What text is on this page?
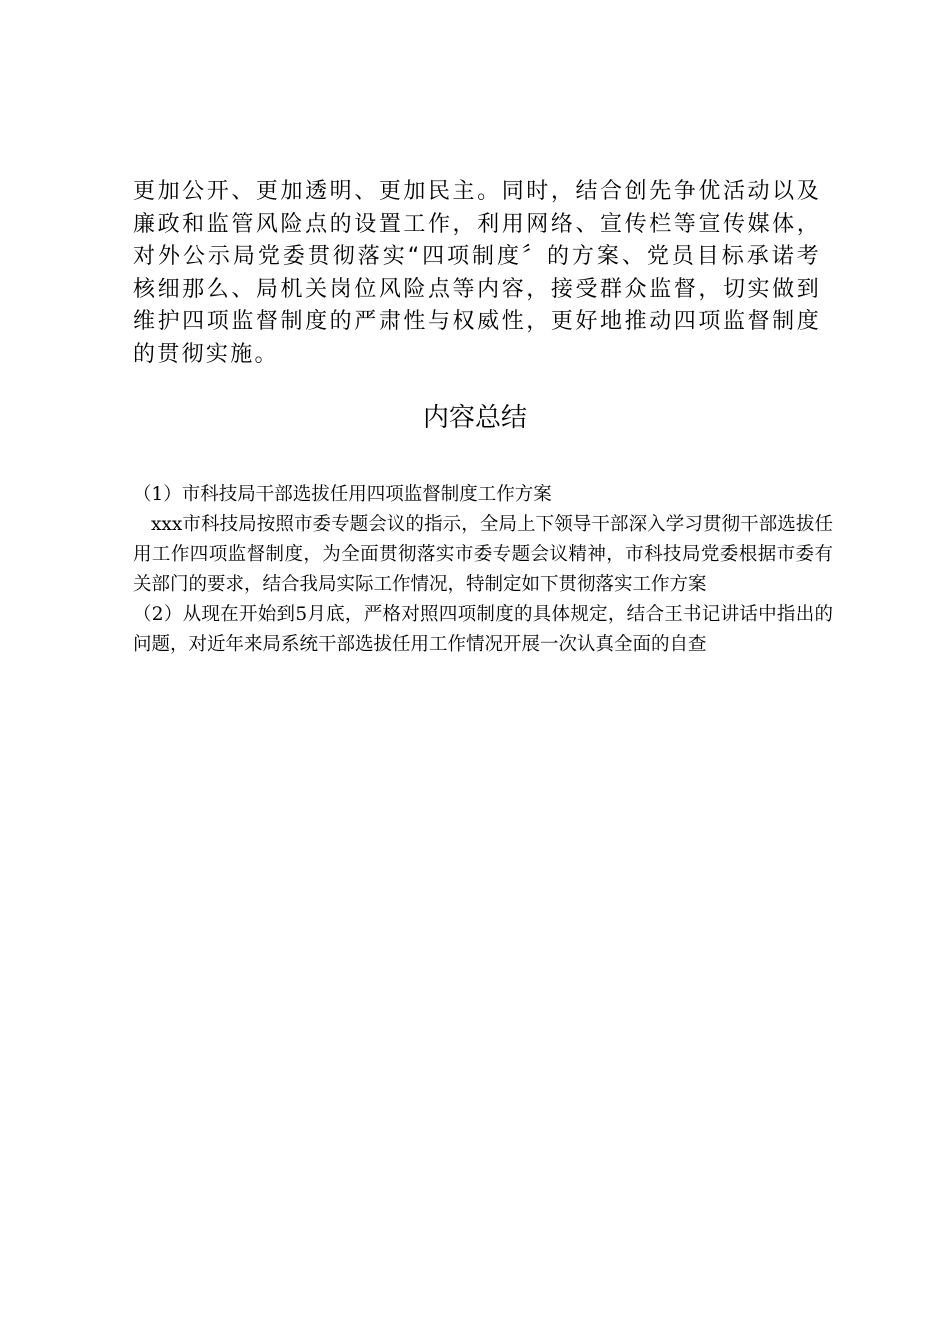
更加公开、更加透明、更加民主。同时，结合创先争优活动以及廉政和监管风险点的设置工作，利用网络、宣传栏等宣传媒体，对外公示局党委贯彻落实“四项制度〞的方案、党员目标承诺考核细那么、局机关岗位风险点等内容，接受群众监督，切实做到维护四项监督制度的严肃性与权威性，更好地推动四项监督制度的贯彻实施。

内容总结

（1）市科技局干部选拔任用四项监督制度工作方案

xxx市科技局按照市委专题会议的指示，全局上下领导干部深入学习贯彻干部选拔任用工作四项监督制度，为全面贯彻落实市委专题会议精神，市科技局党委根据市委有关部门的要求，结合我局实际工作情况，特制定如下贯彻落实工作方案

（2）从现在开始到5月底，严格对照四项制度的具体规定，结合王书记讲话中指出的问题，对近年来局系统干部选拔任用工作情况开展一次认真全面的自查
